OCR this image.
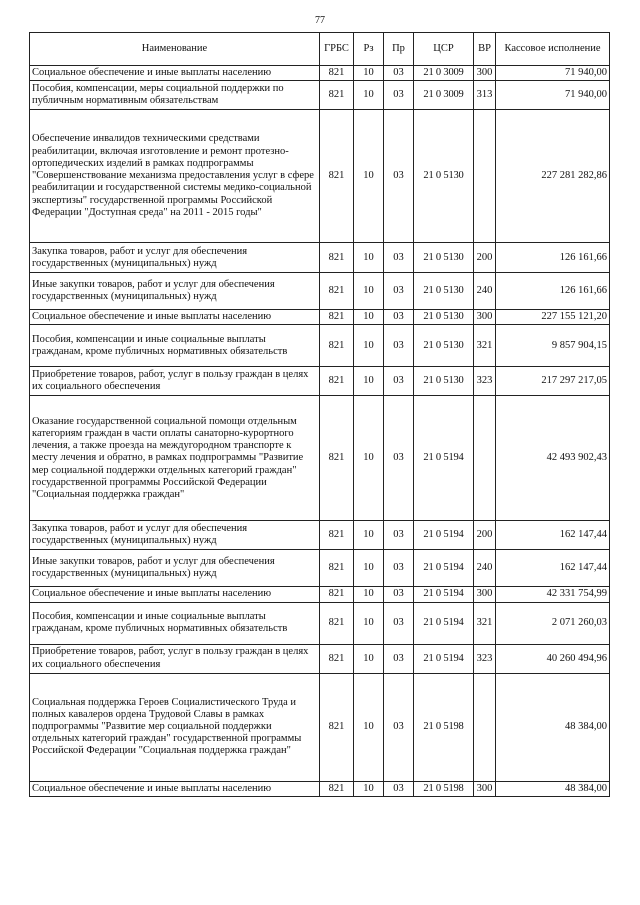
77
Наименование	ГРБС	Рз	Пр	ЦСР	ВР	Кассовое исполнение
Социальное обеспечение и иные выплаты населению	821	10	03	21 0 3009	300	71 940,00
Пособия, компенсации, меры социальной поддержки по публичным нормативным обязательствам	821	10	03	21 0 3009	313	71 940,00
Обеспечение инвалидов техническими средствами реабилитации, включая изготовление и ремонт протезно-ортопедических изделий в рамках подпрограммы "Совершенствование механизма предоставления услуг в сфере реабилитации и государственной системы медико-социальной экспертизы" государственной программы Российской Федерации "Доступная среда" на 2011 - 2015 годы"	821	10	03	21 0 5130		227 281 282,86
Закупка товаров, работ и услуг для обеспечения государственных (муниципальных) нужд	821	10	03	21 0 5130	200	126 161,66
Иные закупки товаров, работ и услуг для обеспечения государственных (муниципальных) нужд	821	10	03	21 0 5130	240	126 161,66
Социальное обеспечение и иные выплаты населению	821	10	03	21 0 5130	300	227 155 121,20
Пособия, компенсации и иные социальные выплаты гражданам, кроме публичных нормативных обязательств	821	10	03	21 0 5130	321	9 857 904,15
Приобретение товаров, работ, услуг в пользу граждан в целях их социального обеспечения	821	10	03	21 0 5130	323	217 297 217,05
Оказание государственной социальной помощи отдельным категориям граждан в части оплаты санаторно-курортного лечения, а также проезда на междугородном транспорте к месту лечения и обратно, в рамках подпрограммы "Развитие мер социальной поддержки отдельных категорий граждан" государственной программы Российской Федерации "Социальная поддержка граждан"	821	10	03	21 0 5194		42 493 902,43
Закупка товаров, работ и услуг для обеспечения государственных (муниципальных) нужд	821	10	03	21 0 5194	200	162 147,44
Иные закупки товаров, работ и услуг для обеспечения государственных (муниципальных) нужд	821	10	03	21 0 5194	240	162 147,44
Социальное обеспечение и иные выплаты населению	821	10	03	21 0 5194	300	42 331 754,99
Пособия, компенсации и иные социальные выплаты гражданам, кроме публичных нормативных обязательств	821	10	03	21 0 5194	321	2 071 260,03
Приобретение товаров, работ, услуг в пользу граждан в целях их социального обеспечения	821	10	03	21 0 5194	323	40 260 494,96
Социальная поддержка Героев Социалистического Труда и полных кавалеров ордена Трудовой Славы в рамках подпрограммы "Развитие мер социальной поддержки отдельных категорий граждан" государственной программы Российской Федерации "Социальная поддержка граждан"	821	10	03	21 0 5198		48 384,00
Социальное обеспечение и иные выплаты населению	821	10	03	21 0 5198	300	48 384,00
